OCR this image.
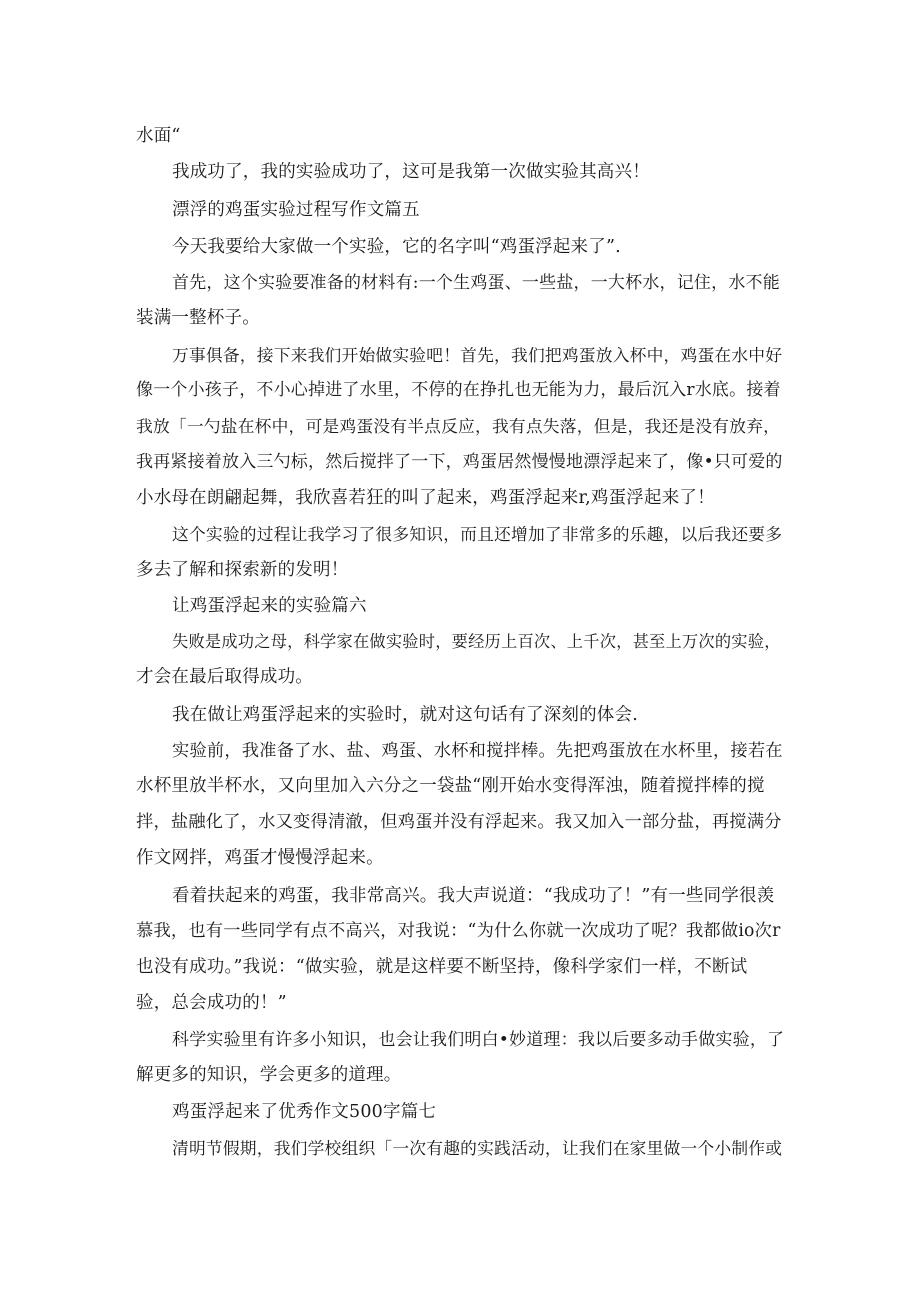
水面“
我成功了，我的实验成功了，这可是我第一次做实验其高兴！
漂浮的鸡蛋实验过程写作文篇五
今天我要给大家做一个实验，它的名字叫“鸡蛋浮起来了”.
首先，这个实验要准备的材料有:一个生鸡蛋、一些盐，一大杯水，记住，水不能
装满一整杯子。
万事俱备，接下来我们开始做实验吧！首先，我们把鸡蛋放入杯中，鸡蛋在水中好
像一个小孩子，不小心掉进了水里，不停的在挣扎也无能为力，最后沉入r水底。接着
我放「一勺盐在杯中，可是鸡蛋没有半点反应，我有点失落，但是，我还是没有放弃，
我再紧接着放入三勺标，然后搅拌了一下，鸡蛋居然慢慢地漂浮起来了，像•只可爱的
小水母在朗翩起舞，我欣喜若狂的叫了起来，鸡蛋浮起来r,鸡蛋浮起来了！
这个实验的过程让我学习了很多知识，而且还增加了非常多的乐趣，以后我还要多
多去了解和探索新的发明！
让鸡蛋浮起来的实验篇六
失败是成功之母，科学家在做实验时，要经历上百次、上千次，甚至上万次的实验，
才会在最后取得成功。
我在做让鸡蛋浮起来的实验时，就对这句话有了深刻的体会.
实验前，我准备了水、盐、鸡蛋、水杯和搅拌棒。先把鸡蛋放在水杯里，接若在
水杯里放半杯水，又向里加入六分之一袋盐“刚开始水变得浑浊，随着搅拌棒的搅
拌，盐融化了，水又变得清澈，但鸡蛋并没有浮起来。我又加入一部分盐，再搅满分
作文网拌，鸡蛋才慢慢浮起来。
看着扶起来的鸡蛋，我非常高兴。我大声说道：“我成功了！”有一些同学很羡
慕我，也有一些同学有点不高兴，对我说：“为什么你就一次成功了呢？我都做io次r
也没有成功。”我说：“做实验，就是这样要不断坚持，像科学家们一样，不断试
验，总会成功的！”
科学实验里有许多小知识，也会让我们明白•妙道理：我以后要多动手做实验，了
解更多的知识，学会更多的道理。
鸡蛋浮起来了优秀作文500字篇七
清明节假期，我们学校组织「一次有趣的实践活动，让我们在家里做一个小制作或
